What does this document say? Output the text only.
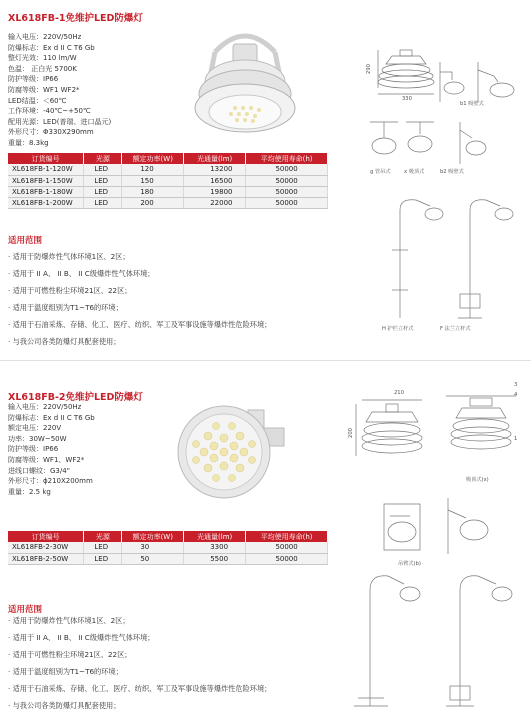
XL618FB-1免维护LED防爆灯
输入电压：220V/50Hz
防爆标志：Ex d II C T6 Gb
整灯光效：110 lm/W
色温： 正白光 5700K
防护等级：IP66
防腐等级：WF1 WF2*
LED结温：＜60℃
工作环境：-40℃~+50℃
配用光源：LED(普瑞、进口晶元)
外形尺寸：Φ330X290mm
重量：8.3kg
订货编号	光源	额定功率(W)	光通量(lm)	平均使用寿命(h)
XL618FB-1-120W	LED	120	13200	50000
XL618FB-1-150W	LED	150	16500	50000
XL618FB-1-180W	LED	180	19800	50000
XL618FB-1-200W	LED	200	22000	50000
适用范围
· 适用于防爆炸性气体环境1区、2区；
· 适用于 II A、 II B、 II C级爆炸性气体环境；
· 适用于可燃性粉尘环境21区、22区；
· 适用于温度组别为T1~T6的环境；
· 适用于石油采炼、存储、化工、医疗、纺织、军工及军事设施等爆炸性危险环境；
· 与我公司各类防爆灯具配套使用；
290
330
b1 吸壁式
g 管吊式	x 吸顶式	b2 吸壁式
H 护栏立杆式	F 法兰立杆式
XL618FB-2免维护LED防爆灯
输入电压：220V/50Hz
防爆标志：Ex d II C T6 Gb
额定电压：220V
功率：30W~50W
防护等级：IP66
防腐等级：WF1、WF2*
进线口螺纹：G3/4"
外形尺寸：ϕ210X200mm
重量：2.5 kg
订货编号	光源	额定功率(W)	光通量(lm)	平均使用寿命(h)
XL618FB-2-30W	LED	30	3300	50000
XL618FB-2-50W	LED	50	5500	50000
适用范围
· 适用于防爆炸性气体环境1区、2区；
· 适用于 II A、 II B、 II C级爆炸性气体环境；
· 适用于可燃性粉尘环境21区、22区；
· 适用于温度组别为T1~T6的环境；
· 适用于石油采炼、存储、化工、医疗、纺织、军工及军事设施等爆炸性危险环境；
· 与我公司各类防爆灯具配套使用；
210
200
3
4
1
吸顶式(x)
吊臂式(b)
